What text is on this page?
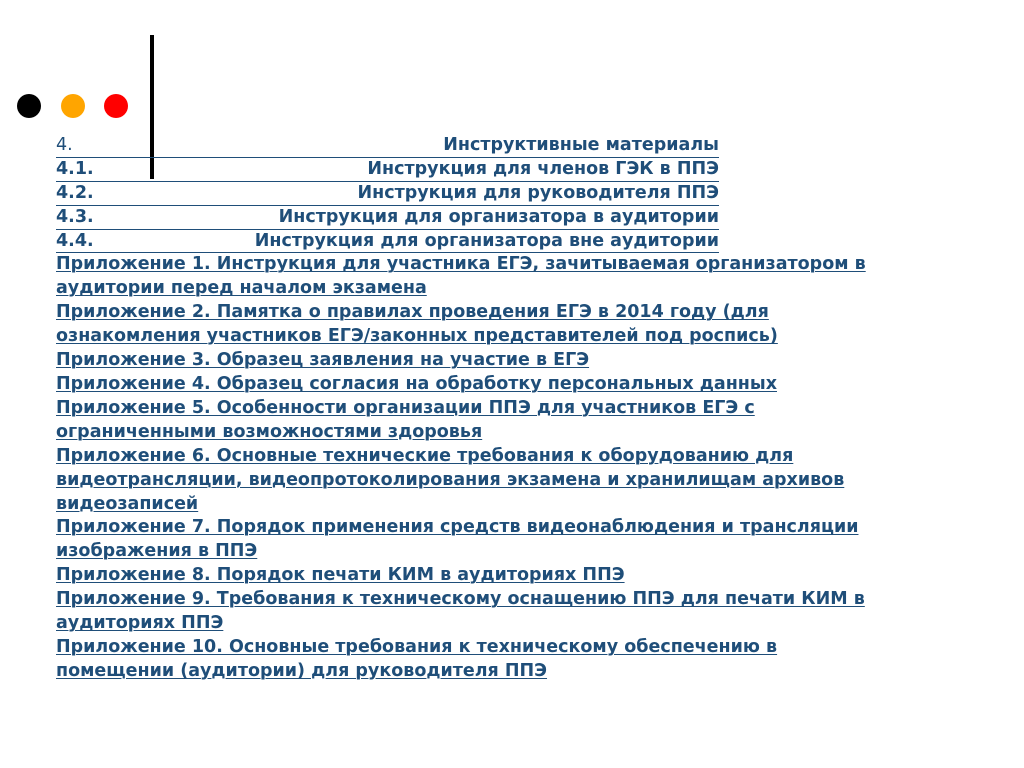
4.	Инструктивные материалы
4.1.	Инструкция для членов ГЭК в ППЭ
4.2.	Инструкция для руководителя ППЭ
4.3.	Инструкция для организатора в аудитории
4.4.	Инструкция для организатора вне аудитории
Приложение 1. Инструкция для участника ЕГЭ, зачитываемая организатором в
аудитории перед началом экзамена
Приложение 2. Памятка о правилах проведения ЕГЭ в 2014 году (для
ознакомления участников ЕГЭ/законных представителей под роспись)
Приложение 3. Образец заявления на участие в ЕГЭ
Приложение 4. Образец согласия на обработку персональных данных
Приложение 5. Особенности организации ППЭ для участников ЕГЭ с
ограниченными возможностями здоровья
Приложение 6. Основные технические требования к оборудованию для
видеотрансляции, видеопротоколирования экзамена и хранилищам архивов
видеозаписей
Приложение 7. Порядок применения средств видеонаблюдения и трансляции
изображения в ППЭ
Приложение 8. Порядок печати КИМ в аудиториях ППЭ
Приложение 9. Требования к техническому оснащению ППЭ для печати КИМ в
аудиториях ППЭ
Приложение 10. Основные требования к техническому обеспечению в
помещении (аудитории) для руководителя ППЭ
